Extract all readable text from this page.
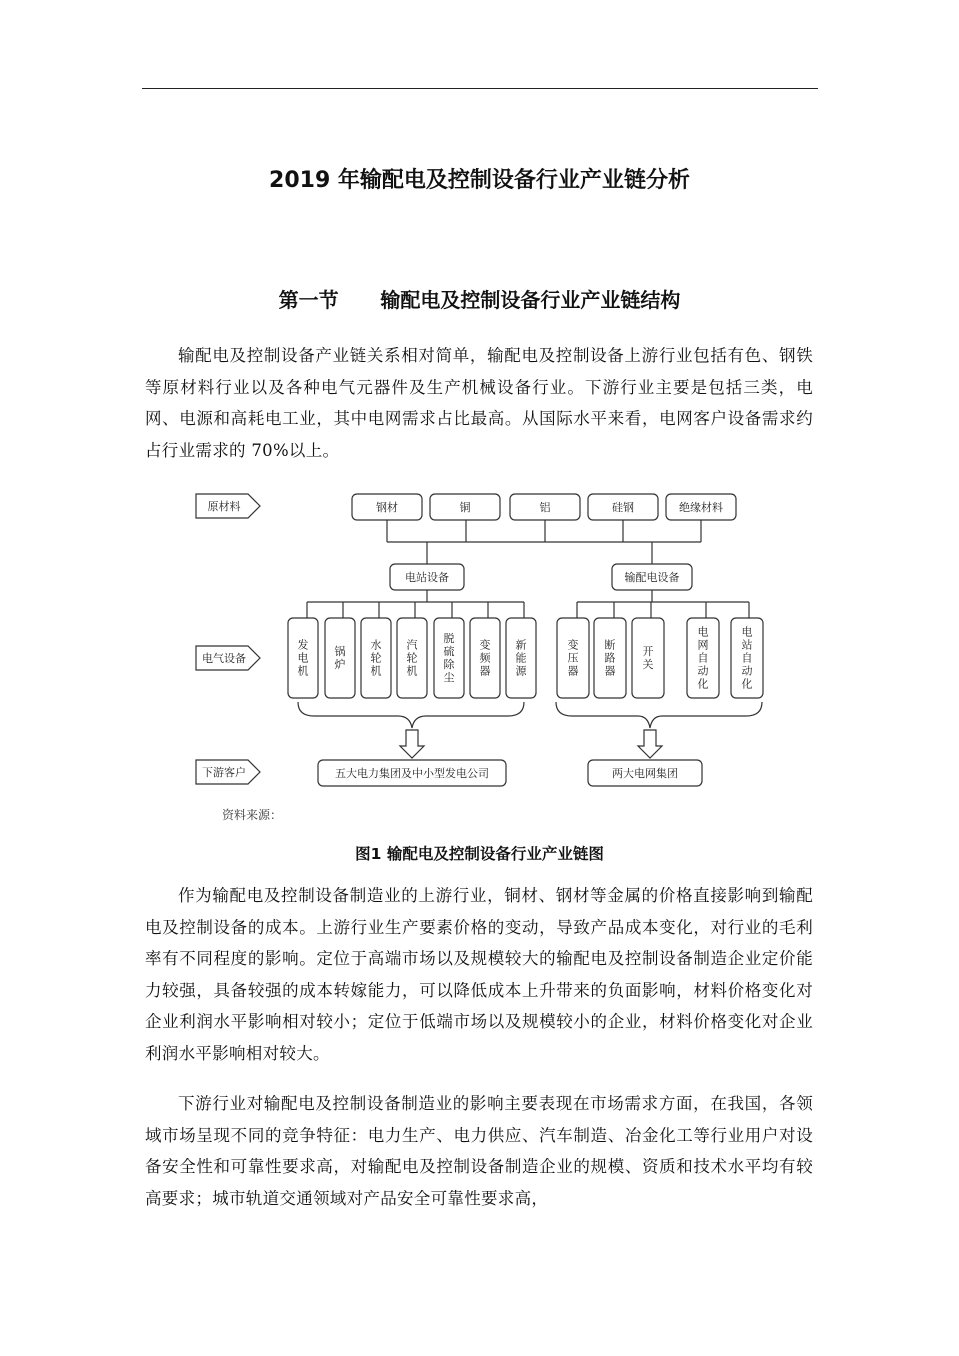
2019 年输配电及控制设备行业产业链分析
第一节 输配电及控制设备行业产业链结构

输配电及控制设备产业链关系相对简单，输配电及控制设备上游行业包括有色、钢铁等原材料行业以及各种电气元器件及生产机械设备行业。下游行业主要是包括三类，电网、电源和高耗电工业，其中电网需求占比最高。从国际水平来看，电网客户设备需求约占行业需求的 70%以上。

原材料
电气设备
下游客户
钢材	铜	铝	硅钢	绝缘材料
电站设备	输配电设备
发电机
锅炉
水轮机
汽轮机
脱硫除尘
变频器
新能源
变压器
断路器
开关
电网自动化
电站自动化
五大电力集团及中小型发电公司	两大电网集团
资料来源：
图1 输配电及控制设备行业产业链图

作为输配电及控制设备制造业的上游行业，铜材、钢材等金属的价格直接影响到输配电及控制设备的成本。上游行业生产要素价格的变动，导致产品成本变化，对行业的毛利率有不同程度的影响。定位于高端市场以及规模较大的输配电及控制设备制造企业定价能力较强，具备较强的成本转嫁能力，可以降低成本上升带来的负面影响，材料价格变化对企业利润水平影响相对较小；定位于低端市场以及规模较小的企业，材料价格变化对企业利润水平影响相对较大。

下游行业对输配电及控制设备制造业的影响主要表现在市场需求方面，在我国，各领域市场呈现不同的竞争特征：电力生产、电力供应、汽车制造、冶金化工等行业用户对设备安全性和可靠性要求高，对输配电及控制设备制造企业的规模、资质和技术水平均有较高要求；城市轨道交通领域对产品安全可靠性要求高，
